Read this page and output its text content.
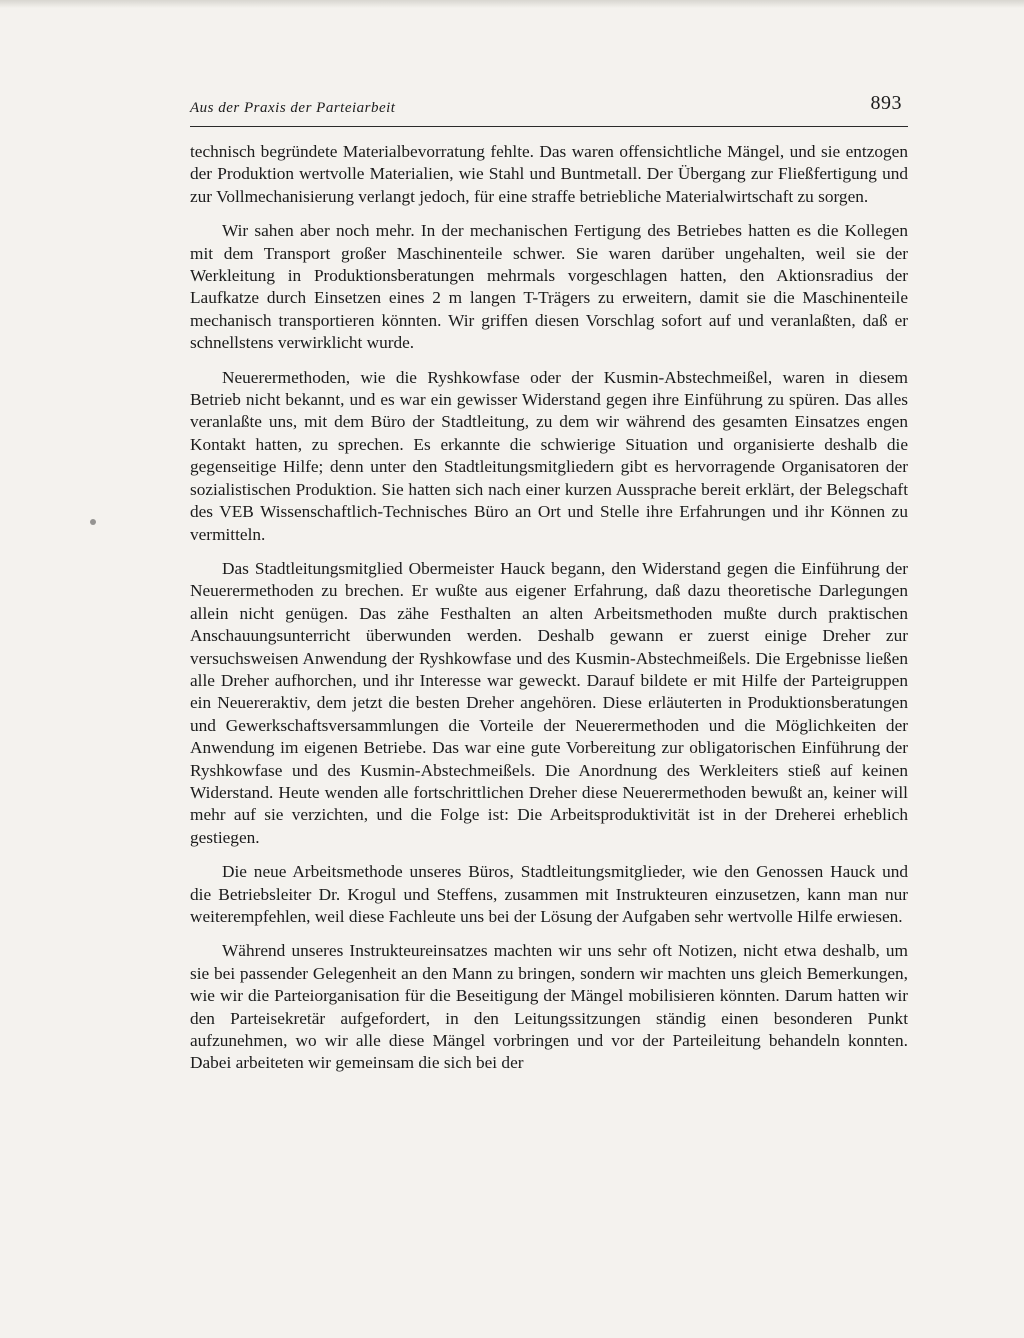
Aus der Praxis der Parteiarbeit	893

technisch begründete Materialbevorratung fehlte. Das waren offensichtliche Mängel, und sie entzogen der Produktion wertvolle Materialien, wie Stahl und Buntmetall. Der Übergang zur Fließfertigung und zur Vollmechanisierung verlangt jedoch, für eine straffe betriebliche Materialwirtschaft zu sorgen.

Wir sahen aber noch mehr. In der mechanischen Fertigung des Betriebes hatten es die Kollegen mit dem Transport großer Maschinenteile schwer. Sie waren darüber ungehalten, weil sie der Werkleitung in Produktionsberatungen mehrmals vorgeschlagen hatten, den Aktionsradius der Laufkatze durch Einsetzen eines 2 m langen T-Trägers zu erweitern, damit sie die Maschinenteile mechanisch transportieren könnten. Wir griffen diesen Vorschlag sofort auf und veranlaßten, daß er schnellstens verwirklicht wurde.

Neuerermethoden, wie die Ryshkowfase oder der Kusmin-Abstechmeißel, waren in diesem Betrieb nicht bekannt, und es war ein gewisser Widerstand gegen ihre Einführung zu spüren. Das alles veranlaßte uns, mit dem Büro der Stadtleitung, zu dem wir während des gesamten Einsatzes engen Kontakt hatten, zu sprechen. Es erkannte die schwierige Situation und organisierte deshalb die gegenseitige Hilfe; denn unter den Stadtleitungsmitgliedern gibt es hervorragende Organisatoren der sozialistischen Produktion. Sie hatten sich nach einer kurzen Aussprache bereit erklärt, der Belegschaft des VEB Wissenschaftlich-Technisches Büro an Ort und Stelle ihre Erfahrungen und ihr Können zu vermitteln.

Das Stadtleitungsmitglied Obermeister Hauck begann, den Widerstand gegen die Einführung der Neuerermethoden zu brechen. Er wußte aus eigener Erfahrung, daß dazu theoretische Darlegungen allein nicht genügen. Das zähe Festhalten an alten Arbeitsmethoden mußte durch praktischen Anschauungsunterricht überwunden werden. Deshalb gewann er zuerst einige Dreher zur versuchsweisen Anwendung der Ryshkowfase und des Kusmin-Abstechmeißels. Die Ergebnisse ließen alle Dreher aufhorchen, und ihr Interesse war geweckt. Darauf bildete er mit Hilfe der Parteigruppen ein Neuereraktiv, dem jetzt die besten Dreher angehören. Diese erläuterten in Produktionsberatungen und Gewerkschaftsversammlungen die Vorteile der Neuerermethoden und die Möglichkeiten der Anwendung im eigenen Betriebe. Das war eine gute Vorbereitung zur obligatorischen Einführung der Ryshkowfase und des Kusmin-Abstechmeißels. Die Anordnung des Werkleiters stieß auf keinen Widerstand. Heute wenden alle fortschrittlichen Dreher diese Neuerermethoden bewußt an, keiner will mehr auf sie verzichten, und die Folge ist: Die Arbeitsproduktivität ist in der Dreherei erheblich gestiegen.

Die neue Arbeitsmethode unseres Büros, Stadtleitungsmitglieder, wie den Genossen Hauck und die Betriebsleiter Dr. Krogul und Steffens, zusammen mit Instrukteuren einzusetzen, kann man nur weiterempfehlen, weil diese Fachleute uns bei der Lösung der Aufgaben sehr wertvolle Hilfe erwiesen.

Während unseres Instrukteureinsatzes machten wir uns sehr oft Notizen, nicht etwa deshalb, um sie bei passender Gelegenheit an den Mann zu bringen, sondern wir machten uns gleich Bemerkungen, wie wir die Parteiorganisation für die Beseitigung der Mängel mobilisieren könnten. Darum hatten wir den Parteisekretär aufgefordert, in den Leitungssitzungen ständig einen besonderen Punkt aufzunehmen, wo wir alle diese Mängel vorbringen und vor der Parteileitung behandeln konnten. Dabei arbeiteten wir gemeinsam die sich bei der
